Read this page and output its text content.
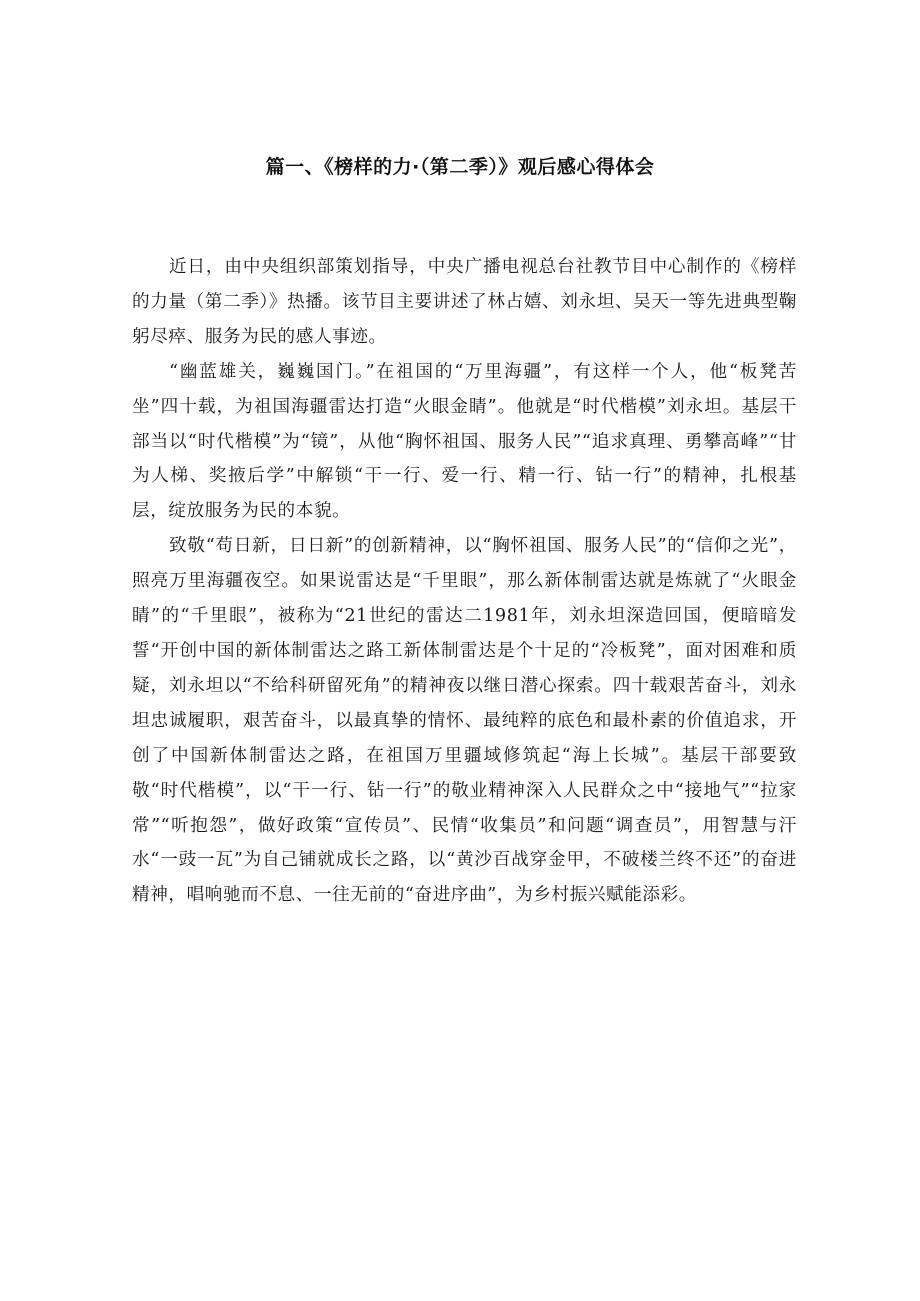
篇一、《榜样的力·（第二季）》观后感心得体会

近日，由中央组织部策划指导，中央广播电视总台社教节目中心制作的《榜样的力量（第二季）》热播。该节目主要讲述了林占嬉、刘永坦、吴天一等先进典型鞠躬尽瘁、服务为民的感人事迹。

“幽蓝雄关，巍巍国门。”在祖国的“万里海疆”，有这样一个人，他“板凳苦坐”四十载，为祖国海疆雷达打造“火眼金睛”。他就是“时代楷模”刘永坦。基层干部当以“时代楷模”为“镜”，从他“胸怀祖国、服务人民”“追求真理、勇攀高峰”“甘为人梯、奖掖后学”中解锁“干一行、爱一行、精一行、钻一行”的精神，扎根基层，绽放服务为民的本貌。

致敬“苟日新，日日新”的创新精神，以“胸怀祖国、服务人民”的“信仰之光”，照亮万里海疆夜空。如果说雷达是“千里眼”，那么新体制雷达就是炼就了“火眼金睛”的“千里眼”，被称为“21世纪的雷达二1981年，刘永坦深造回国，便暗暗发誓“开创中国的新体制雷达之路工新体制雷达是个十足的“冷板凳”，面对困难和质疑，刘永坦以“不给科研留死角”的精神夜以继日潜心探索。四十载艰苦奋斗，刘永坦忠诚履职，艰苦奋斗，以最真挚的情怀、最纯粹的底色和最朴素的价值追求，开创了中国新体制雷达之路，在祖国万里疆域修筑起“海上长城”。基层干部要致敬“时代楷模”，以“干一行、钻一行”的敬业精神深入人民群众之中“接地气”“拉家常”“听抱怨”，做好政策“宣传员”、民情“收集员”和问题“调查员”，用智慧与汗水“一豉一瓦”为自己铺就成长之路，以“黄沙百战穿金甲，不破楼兰终不还”的奋进精神，唱响驰而不息、一往无前的“奋进序曲”，为乡村振兴赋能添彩。
